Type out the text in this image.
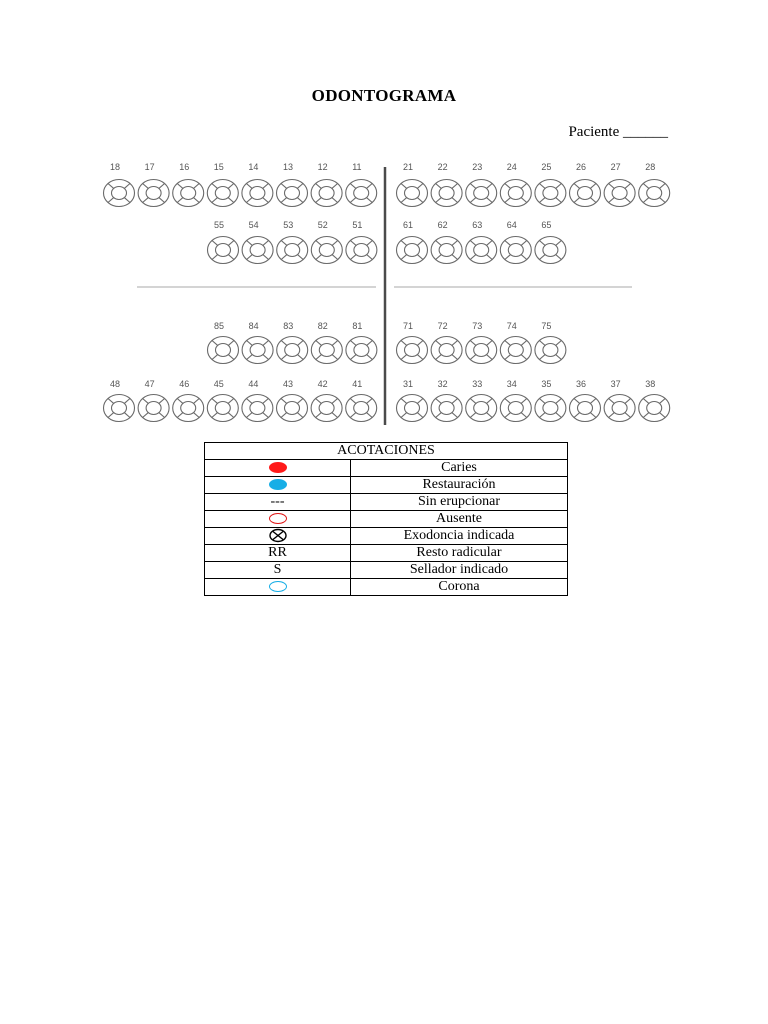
ODONTOGRAMA
Paciente ______
18	17	16	15	14	13	12	11	21	22	23	24	25	26	27	28
55	54	53	52	51	61	62	63	64	65
85	84	83	82	81	71	72	73	74	75
48	47	46	45	44	43	42	41	31	32	33	34	35	36	37	38
ACOTACIONES	
	Caries
	Restauración
---	Sin erupcionar
	Ausente
	Exodoncia indicada
RR	Resto radicular
S	Sellador indicado
	Corona
